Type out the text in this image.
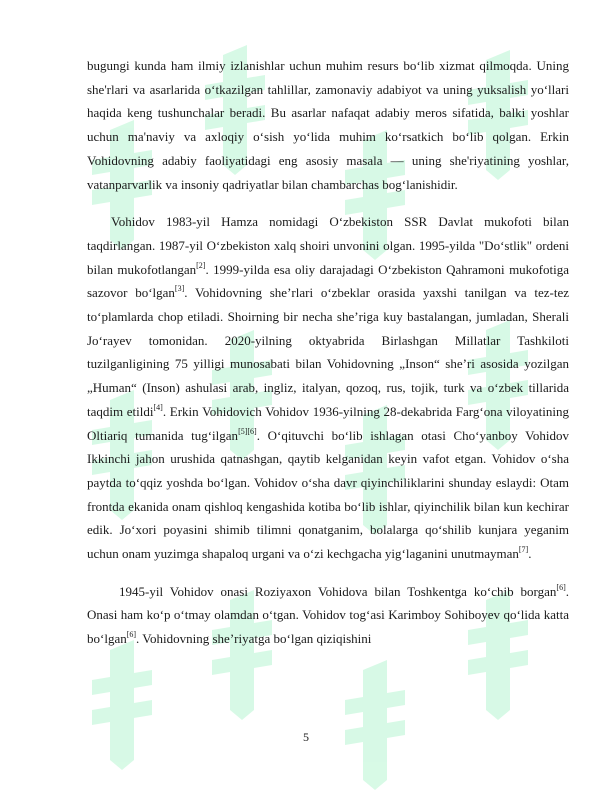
bugungi kunda ham ilmiy izlanishlar uchun muhim resurs bo‘lib xizmat qilmoqda. Uning she'rlari va asarlarida o‘tkazilgan tahlillar, zamonaviy adabiyot va uning yuksalish yo‘llari haqida keng tushunchalar beradi. Bu asarlar nafaqat adabiy meros sifatida, balki yoshlar uchun ma'naviy va axloqiy o‘sish yo‘lida muhim ko‘rsatkich bo‘lib qolgan. Erkin Vohidovning adabiy faoliyatidagi eng asosiy masala — uning she'riyatining yoshlar, vatanparvarlik va insoniy qadriyatlar bilan chambarchas bog‘lanishidir.

Vohidov 1983-yil Hamza nomidagi O‘zbekiston SSR Davlat mukofoti bilan taqdirlangan. 1987-yil O‘zbekiston xalq shoiri unvonini olgan. 1995-yilda "Do‘stlik" ordeni bilan mukofotlangan[2]. 1999-yilda esa oliy darajadagi O‘zbekiston Qahramoni mukofotiga sazovor bo‘lgan[3]. Vohidovning she’rlari o‘zbeklar orasida yaxshi tanilgan va tez-tez to‘plamlarda chop etiladi. Shoirning bir necha she’riga kuy bastalangan, jumladan, Sherali Jo‘rayev tomonidan. 2020-yilning oktyabrida Birlashgan Millatlar Tashkiloti tuzilganligining 75 yilligi munosabati bilan Vohidovning „Inson“ she’ri asosida yozilgan „Human“ (Inson) ashulasi arab, ingliz, italyan, qozoq, rus, tojik, turk va o‘zbek tillarida taqdim etildi[4]. Erkin Vohidovich Vohidov 1936-yilning 28-dekabrida Farg‘ona viloyatining Oltiariq tumanida tug‘ilgan[5][6]. O‘qituvchi bo‘lib ishlagan otasi Cho‘yanboy Vohidov Ikkinchi jahon urushida qatnashgan, qaytib kelganidan keyin vafot etgan. Vohidov o‘sha paytda to‘qqiz yoshda bo‘lgan. Vohidov o‘sha davr qiyinchiliklarini shunday eslaydi: Otam frontda ekanida onam qishloq kengashida kotiba bo‘lib ishlar, qiyinchilik bilan kun kechirar edik. Jo‘xori poyasini shimib tilimni qonatganim, bolalarga qo‘shilib kunjara yeganim uchun onam yuzimga shapaloq urgani va o‘zi kechgacha yig‘laganini unutmayman[7].

1945-yil Vohidov onasi Roziyaxon Vohidova bilan Toshkentga ko‘chib borgan[6]. Onasi ham ko‘p o‘tmay olamdan o‘tgan. Vohidov tog‘asi Karimboy Sohiboyev qo‘lida katta bo‘lgan[6]. Vohidovning she’riyatga bo‘lgan qiziqishini

5
